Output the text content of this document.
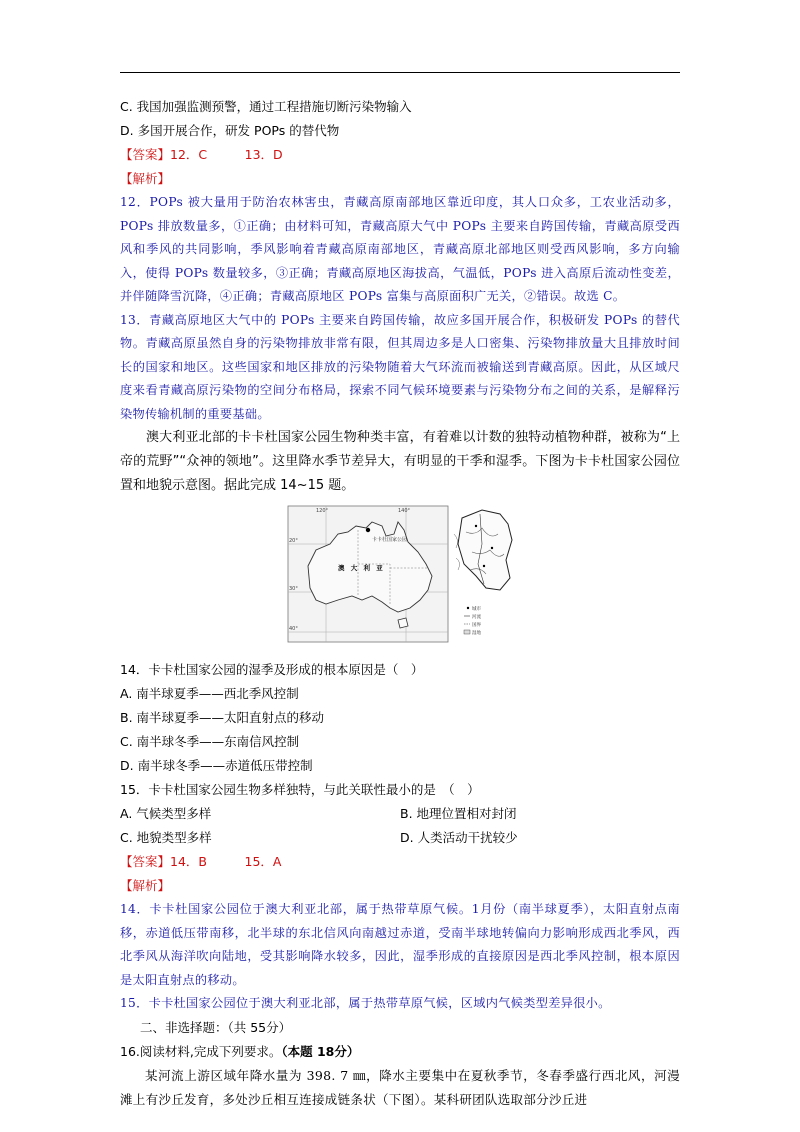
C. 我国加强监测预警，通过工程措施切断污染物输入
D. 多国开展合作，研发 POPs 的替代物
【答案】12．C　　　13．D
【解析】

12．POPs 被大量用于防治农林害虫，青藏高原南部地区靠近印度，其人口众多，工农业活动多，POPs 排放数量多，①正确；由材料可知，青藏高原大气中 POPs 主要来自跨国传输，青藏高原受西风和季风的共同影响，季风影响着青藏高原南部地区，青藏高原北部地区则受西风影响，多方向输入，使得 POPs 数量较多，③正确；青藏高原地区海拔高，气温低，POPs 进入高原后流动性变差，并伴随降雪沉降，④正确；青藏高原地区 POPs 富集与高原面积广无关，②错误。故选 C。

13．青藏高原地区大气中的 POPs 主要来自跨国传输，故应多国开展合作，积极研发 POPs 的替代物。青藏高原虽然自身的污染物排放非常有限，但其周边多是人口密集、污染物排放量大且排放时间长的国家和地区。这些国家和地区排放的污染物随着大气环流而被输送到青藏高原。因此，从区域尺度来看青藏高原污染物的空间分布格局，探索不同气候环境要素与污染物分布之间的关系，是解释污染物传输机制的重要基础。

澳大利亚北部的卡卡杜国家公园生物种类丰富，有着难以计数的独特动植物种群，被称为“上帝的荒野”“众神的领地”。这里降水季节差异大，有明显的干季和湿季。下图为卡卡杜国家公园位置和地貌示意图。据此完成 14~15 题。

卡卡杜国家公园
澳 大 利 亚
120°	140°
20°
30°
40°
城市
河流
国界
湿地
14．卡卡杜国家公园的湿季及形成的根本原因是（　）
A. 南半球夏季——西北季风控制
B. 南半球夏季——太阳直射点的移动
C. 南半球冬季——东南信风控制
D. 南半球冬季——赤道低压带控制
15．卡卡杜国家公园生物多样独特，与此关联性最小的是　（　）
A. 气候类型多样	B. 地理位置相对封闭
C. 地貌类型多样	D. 人类活动干扰较少
【答案】14．B　　　15．A
【解析】

14．卡卡杜国家公园位于澳大利亚北部，属于热带草原气候。1月份（南半球夏季），太阳直射点南移，赤道低压带南移，北半球的东北信风向南越过赤道，受南半球地转偏向力影响形成西北季风，西北季风从海洋吹向陆地，受其影响降水较多，因此，湿季形成的直接原因是西北季风控制，根本原因是太阳直射点的移动。

15．卡卡杜国家公园位于澳大利亚北部，属于热带草原气候，区域内气候类型差异很小。

二、非选择题：（共 55分）
16.阅读材料,完成下列要求。（本题 18分）

某河流上游区域年降水量为 398. 7 ㎜，降水主要集中在夏秋季节，冬春季盛行西北风，河漫滩上有沙丘发育，多处沙丘相互连接成链条状（下图）。某科研团队选取部分沙丘进
